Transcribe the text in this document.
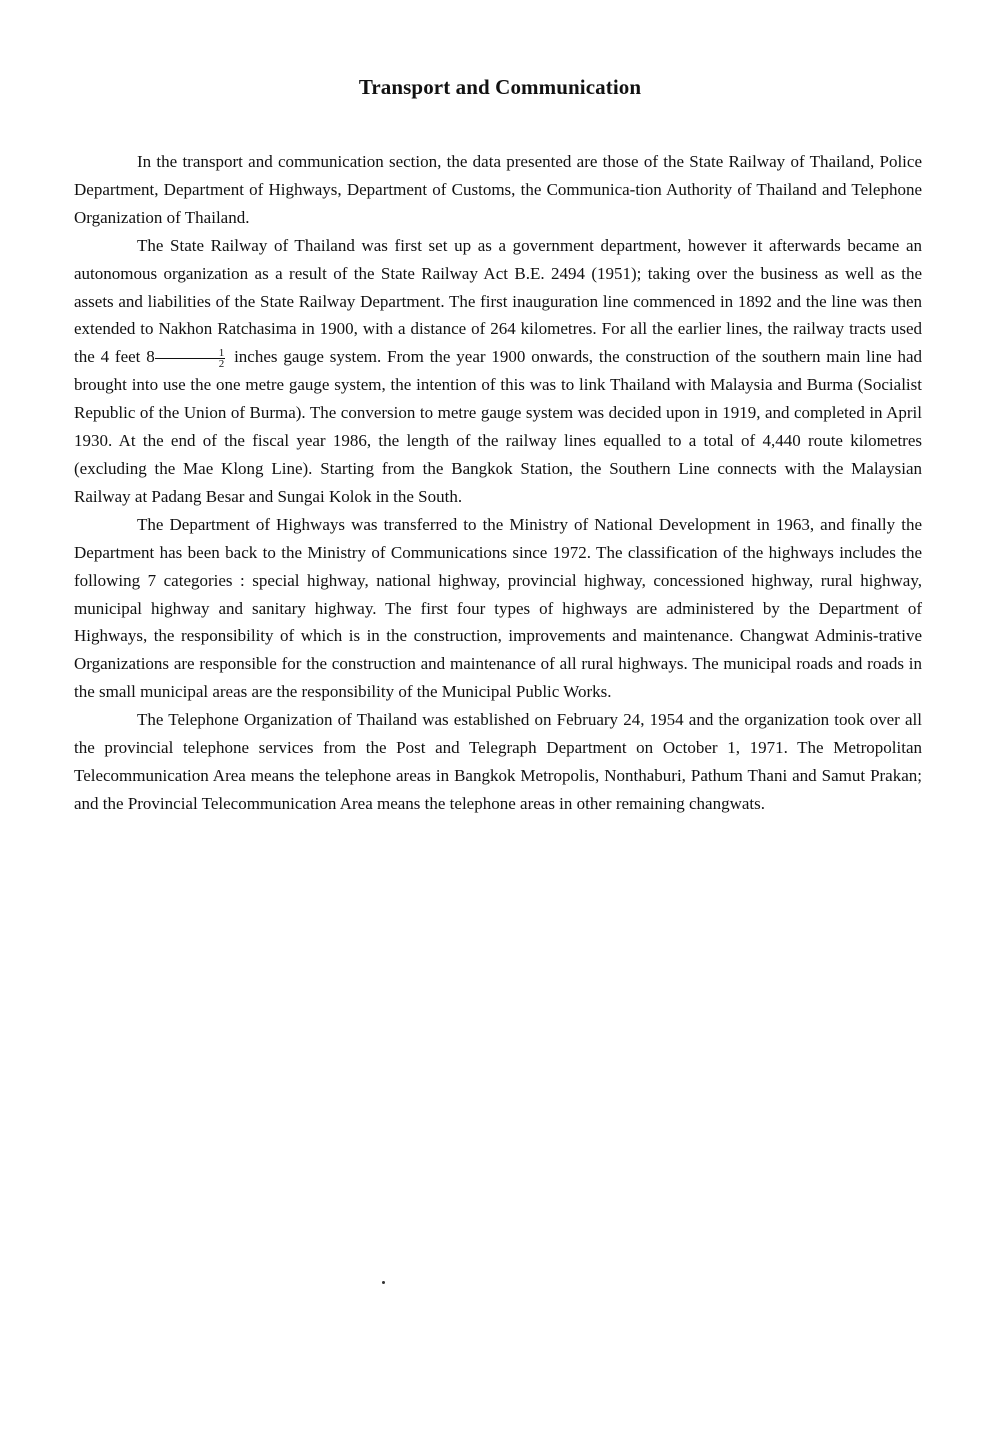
Transport and Communication

In the transport and communication section, the data presented are those of the State Railway of Thailand, Police Department, Department of Highways, Department of Customs, the Communica-tion Authority of Thailand and Telephone Organization of Thailand.

The State Railway of Thailand was first set up as a government department, however it afterwards became an autonomous organization as a result of the State Railway Act B.E. 2494 (1951); taking over the business as well as the assets and liabilities of the State Railway Department. The first inauguration line commenced in 1892 and the line was then extended to Nakhon Ratchasima in 1900, with a distance of 264 kilometres. For all the earlier lines, the railway tracts used the 4 feet $8 \frac{1}{2}$ inches gauge system. From the year 1900 onwards, the construction of the southern main line had brought into use the one metre gauge system, the intention of this was to link Thailand with Malaysia and Burma (Socialist Republic of the Union of Burma). The conversion to metre gauge system was decided upon in 1919, and completed in April 1930. At the end of the fiscal year 1986, the length of the railway lines equalled to a total of 4,440 route kilometres (excluding the Mae Klong Line). Starting from the Bangkok Station, the Southern Line connects with the Malaysian Railway at Padang Besar and Sungai Kolok in the South.

The Department of Highways was transferred to the Ministry of National Development in 1963, and finally the Department has been back to the Ministry of Communications since 1972. The classification of the highways includes the following 7 categories : special highway, national highway, provincial highway, concessioned highway, rural highway, municipal highway and sanitary highway. The first four types of highways are administered by the Department of Highways, the responsibility of which is in the construction, improvements and maintenance. Changwat Adminis-trative Organizations are responsible for the construction and maintenance of all rural highways. The municipal roads and roads in the small municipal areas are the responsibility of the Municipal Public Works.

The Telephone Organization of Thailand was established on February 24, 1954 and the organization took over all the provincial telephone services from the Post and Telegraph Department on October 1, 1971. The Metropolitan Telecommunication Area means the telephone areas in Bangkok Metropolis, Nonthaburi, Pathum Thani and Samut Prakan; and the Provincial Telecommunication Area means the telephone areas in other remaining changwats.
